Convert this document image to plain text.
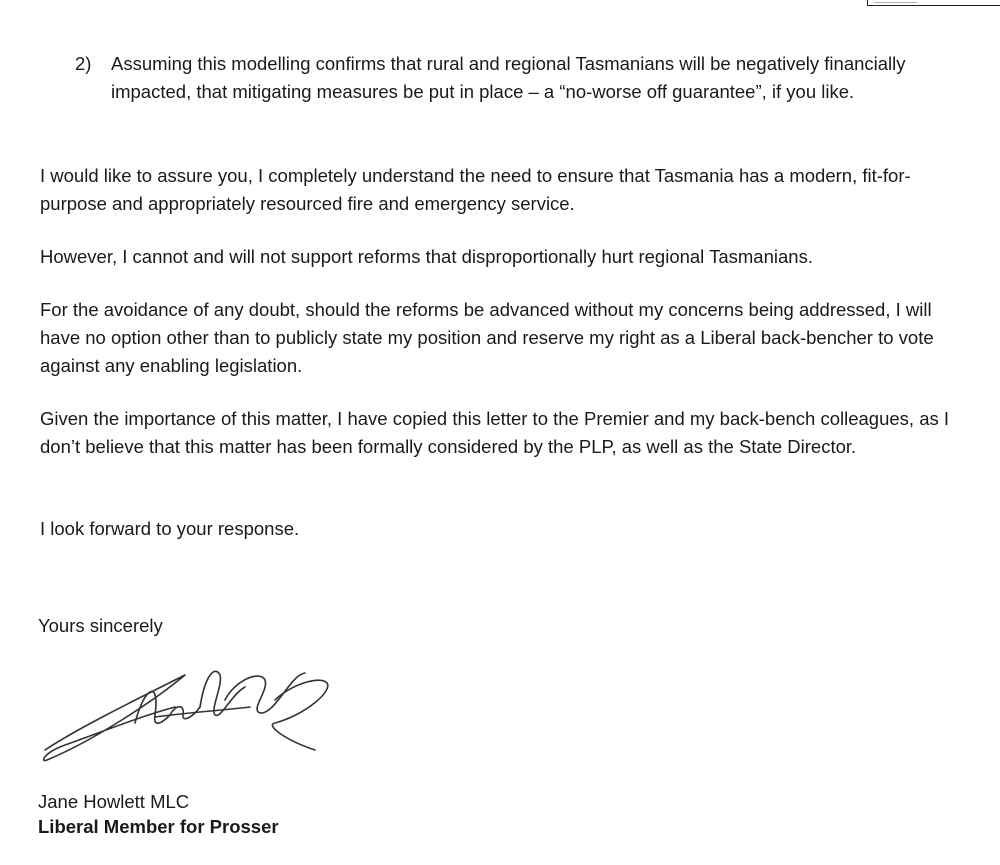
2) Assuming this modelling confirms that rural and regional Tasmanians will be negatively financially impacted, that mitigating measures be put in place – a “no-worse off guarantee”, if you like.

I would like to assure you, I completely understand the need to ensure that Tasmania has a modern, fit-for-purpose and appropriately resourced fire and emergency service.

However, I cannot and will not support reforms that disproportionally hurt regional Tasmanians.

For the avoidance of any doubt, should the reforms be advanced without my concerns being addressed, I will have no option other than to publicly state my position and reserve my right as a Liberal back-bencher to vote against any enabling legislation.

Given the importance of this matter, I have copied this letter to the Premier and my back-bench colleagues, as I don’t believe that this matter has been formally considered by the PLP, as well as the State Director.

I look forward to your response.

Yours sincerely
Jane Howlett MLC
Liberal Member for Prosser
